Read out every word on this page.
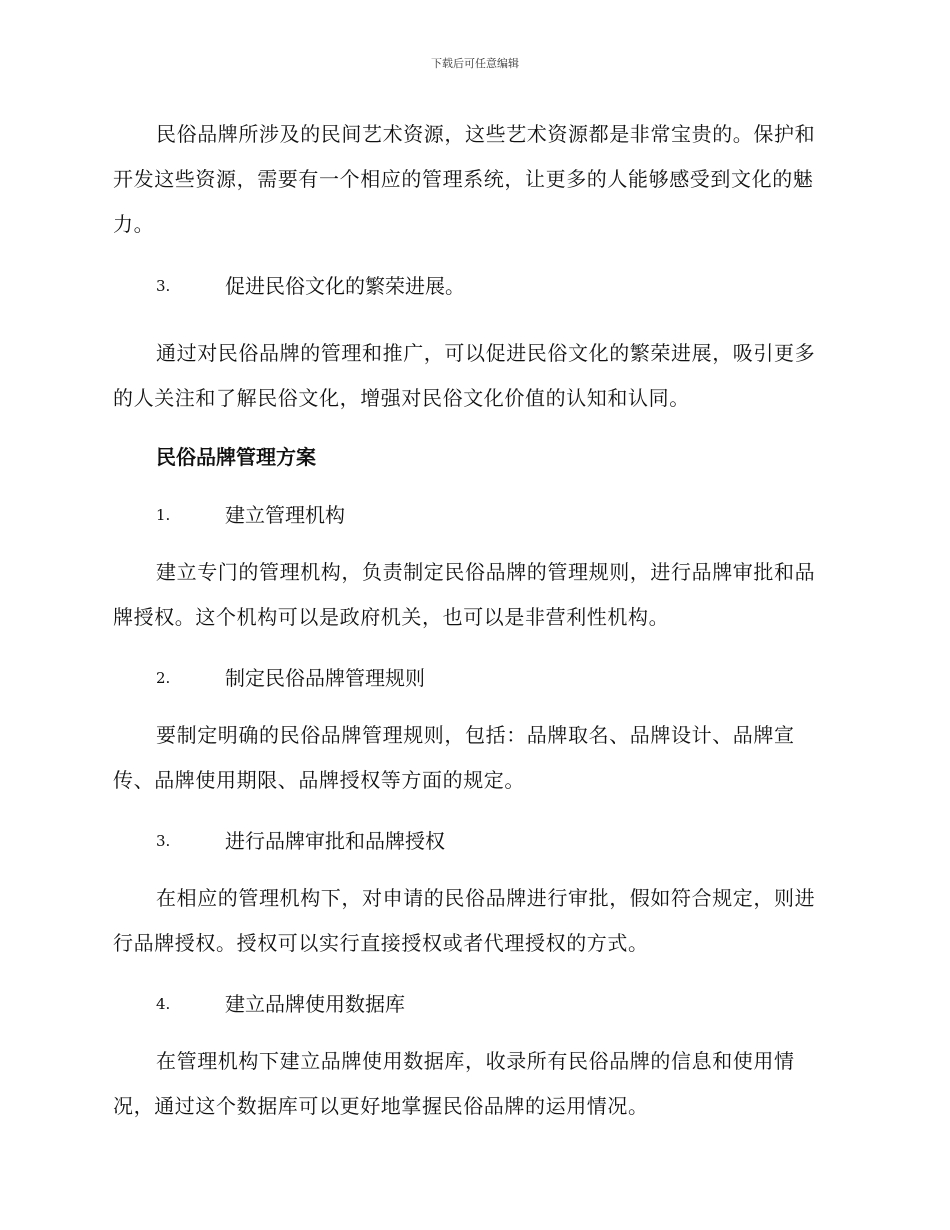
下载后可任意编辑

民俗品牌所涉及的民间艺术资源，这些艺术资源都是非常宝贵的。保护和开发这些资源，需要有一个相应的管理系统，让更多的人能够感受到文化的魅力。

3.	促进民俗文化的繁荣进展。

通过对民俗品牌的管理和推广，可以促进民俗文化的繁荣进展，吸引更多的人关注和了解民俗文化，增强对民俗文化价值的认知和认同。

民俗品牌管理方案
1.	建立管理机构

建立专门的管理机构，负责制定民俗品牌的管理规则，进行品牌审批和品牌授权。这个机构可以是政府机关，也可以是非营利性机构。

2.	制定民俗品牌管理规则

要制定明确的民俗品牌管理规则，包括：品牌取名、品牌设计、品牌宣传、品牌使用期限、品牌授权等方面的规定。

3.	进行品牌审批和品牌授权

在相应的管理机构下，对申请的民俗品牌进行审批，假如符合规定，则进行品牌授权。授权可以实行直接授权或者代理授权的方式。

4.	建立品牌使用数据库

在管理机构下建立品牌使用数据库，收录所有民俗品牌的信息和使用情况，通过这个数据库可以更好地掌握民俗品牌的运用情况。
